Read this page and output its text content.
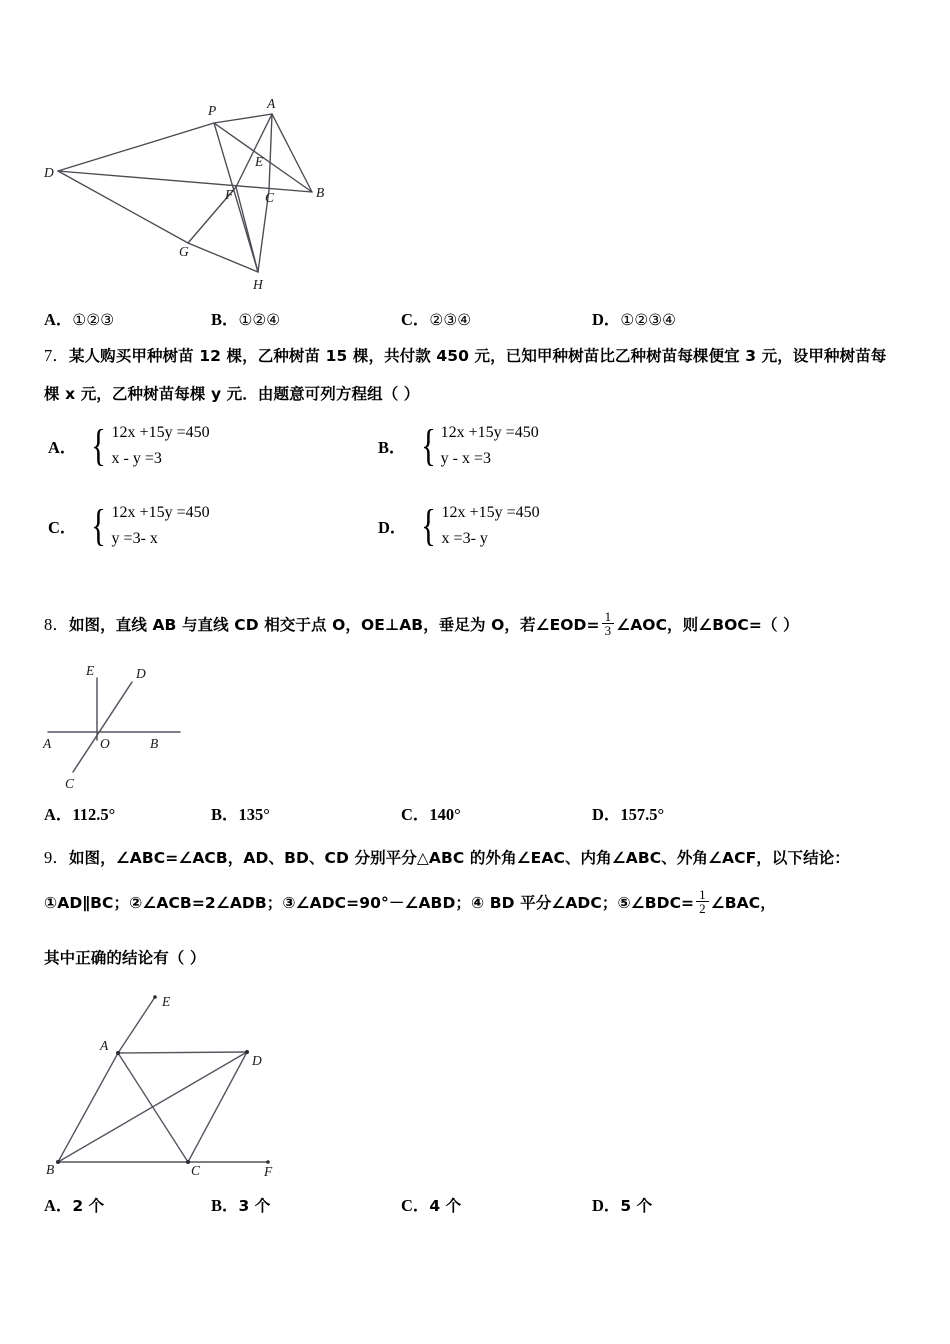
D
P	A
E
F C	B
G
H
A．①②③	B．①②④	C．②③④	D．①②③④
7．某人购买甲种树苗 12 棵，乙种树苗 15 棵，共付款 450 元，已知甲种树苗比乙种树苗每棵便宜 3 元，设甲种树苗每
棵 x 元，乙种树苗每棵 y 元．由题意可列方程组（ ）
A． { 12x +15y =450
x - y =3
B． { 12x +15y =450
y - x =3
C． { 12x +15y =450
y =3- x
D． { 12x +15y =450
x =3- y
8．如图，直线 AB 与直线 CD 相交于点 O，OE⊥AB，垂足为 O，若∠EOD= $\frac{1}{3}$ ∠AOC，则∠BOC=（ ）
E	D
A	O	B
C
A．112.5°	B．135°	C．140°	D．157.5°
9．如图，∠ABC=∠ACB，AD、BD、CD 分别平分△ABC 的外角∠EAC、内角∠ABC、外角∠ACF，以下结论：
①AD∥BC；②∠ACB=2∠ADB；③∠ADC=90°－∠ABD；④ BD 平分∠ADC；⑤∠BDC= $\frac{1}{2}$ ∠BAC，
其中正确的结论有（ ）
E
A
D
B	C	F
A．2 个	B．3 个	C．4 个	D．5 个
